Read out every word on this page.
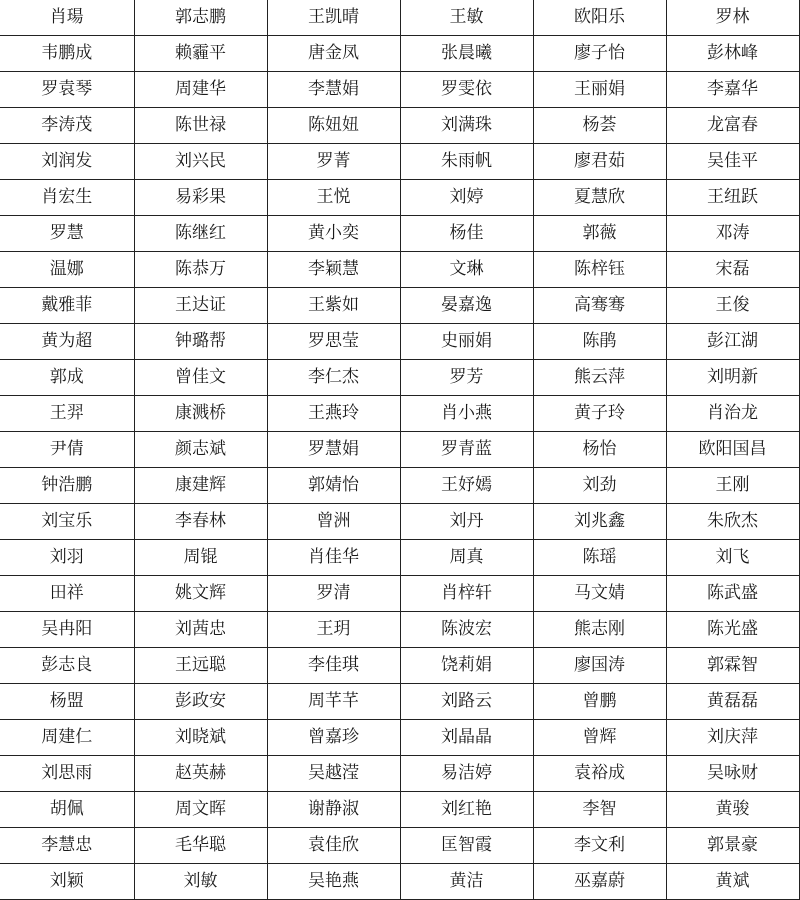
肖瑒	郭志鹏	王凯晴	王敏	欧阳乐	罗林
韦鹏成	赖霾平	唐金凤	张晨曦	廖子怡	彭林峰
罗袁琴	周建华	李慧娟	罗雯依	王丽娟	李嘉华
李涛茂	陈世禄	陈妞妞	刘满珠	杨荟	龙富春
刘润发	刘兴民	罗菁	朱雨帆	廖君茹	吴佳平
肖宏生	易彩果	王悦	刘婷	夏慧欣	王纽跃
罗慧	陈继红	黄小奕	杨佳	郭薇	邓涛
温娜	陈恭万	李颖慧	文琳	陈梓钰	宋磊
戴雅菲	王达证	王紫如	晏嘉逸	高骞骞	王俊
黄为超	钟璐帮	罗思莹	史丽娟	陈鹃	彭江湖
郭成	曾佳文	李仁杰	罗芳	熊云萍	刘明新
王羿	康溅桥	王燕玲	肖小燕	黄子玲	肖治龙
尹倩	颜志斌	罗慧娟	罗青蓝	杨怡	欧阳国昌
钟浩鹏	康建辉	郭婧怡	王妤嫣	刘劲	王刚
刘宝乐	李春林	曾洲	刘丹	刘兆鑫	朱欣杰
刘羽	周锟	肖佳华	周真	陈瑶	刘飞
田祥	姚文辉	罗清	肖梓轩	马文婧	陈武盛
吴冉阳	刘茜忠	王玥	陈波宏	熊志刚	陈光盛
彭志良	王远聪	李佳琪	饶莉娟	廖国涛	郭霖智
杨盟	彭政安	周芊芊	刘路云	曾鹏	黄磊磊
周建仁	刘晓斌	曾嘉珍	刘晶晶	曾辉	刘庆萍
刘思雨	赵英赫	吴越滢	易洁婷	袁裕成	吴咏财
胡佩	周文晖	谢静淑	刘红艳	李智	黄骏
李慧忠	毛华聪	袁佳欣	匡智霞	李文利	郭景豪
刘颖	刘敏	吴艳燕	黄洁	巫嘉蔚	黄斌
